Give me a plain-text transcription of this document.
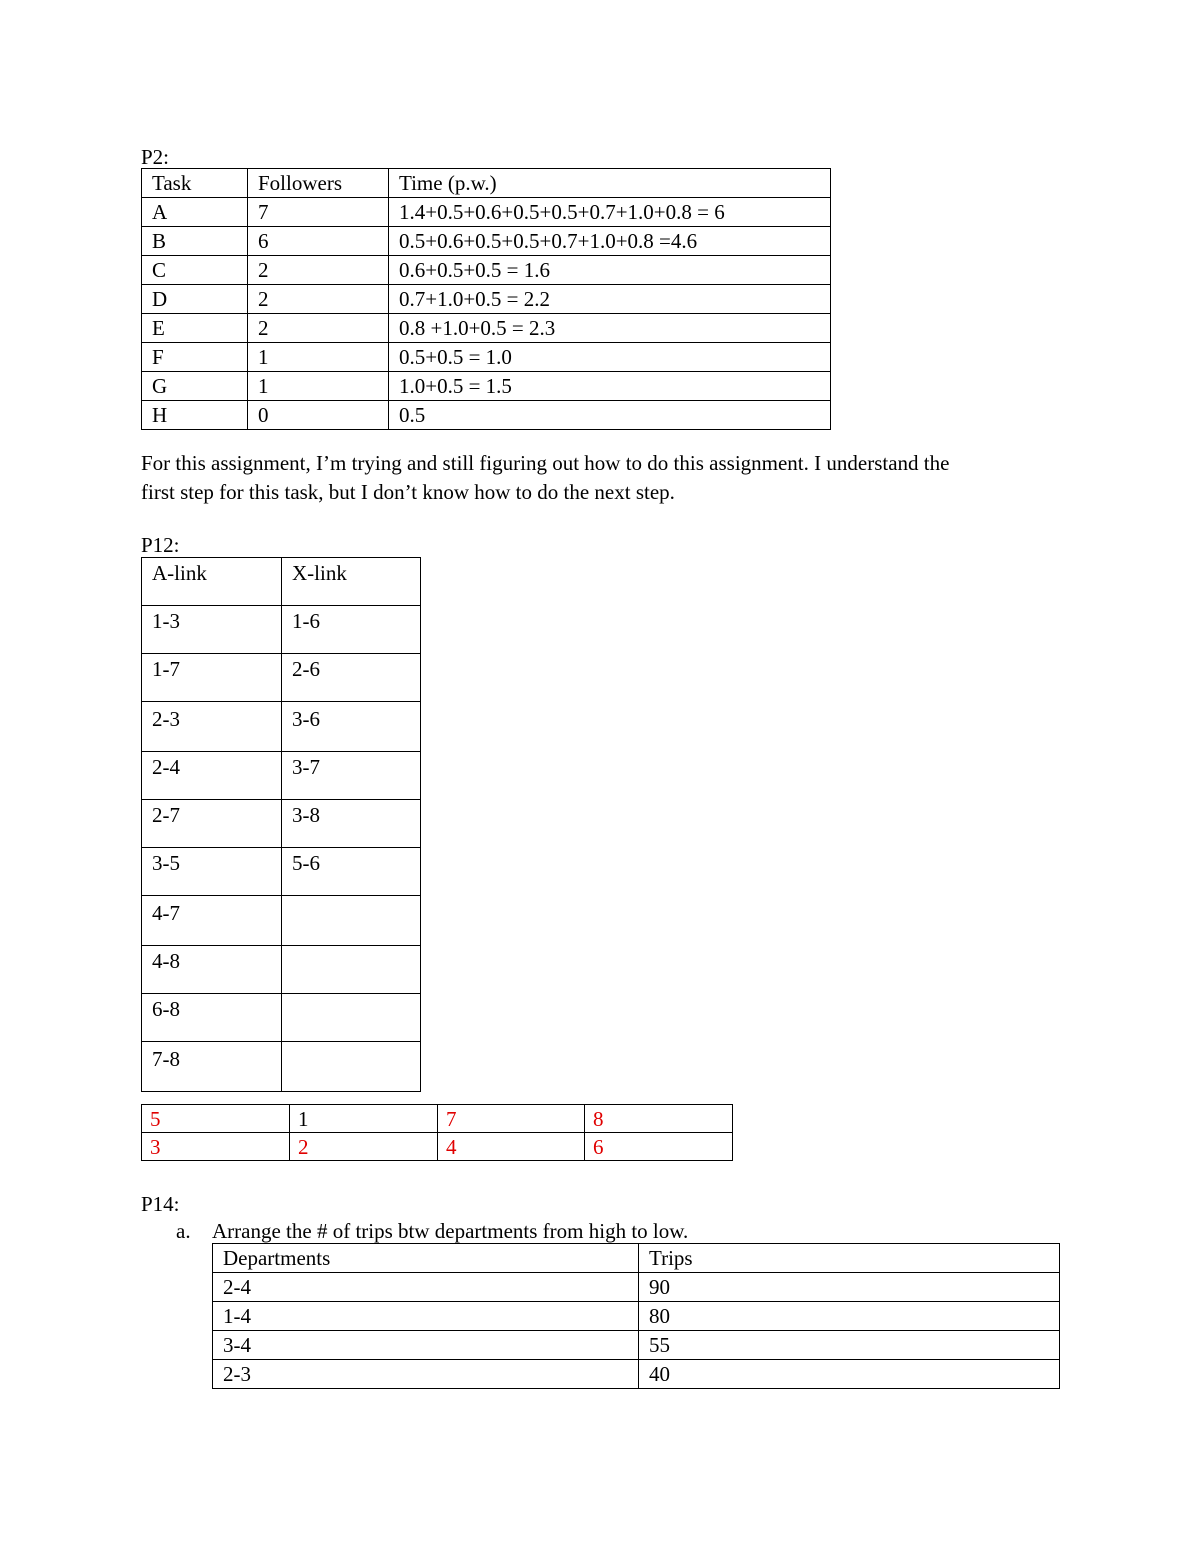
P2:
Task	Followers	Time (p.w.)
A	7	1.4+0.5+0.6+0.5+0.5+0.7+1.0+0.8 = 6
B	6	0.5+0.6+0.5+0.5+0.7+1.0+0.8 =4.6
C	2	0.6+0.5+0.5 = 1.6
D	2	0.7+1.0+0.5 = 2.2
E	2	0.8 +1.0+0.5 = 2.3
F	1	0.5+0.5 = 1.0
G	1	1.0+0.5 = 1.5
H	0	0.5
For this assignment, I’m trying and still figuring out how to do this assignment. I understand the
first step for this task, but I don’t know how to do the next step.
P12:
A-link	X-link
1-3	1-6
1-7	2-6
2-3	3-6
2-4	3-7
2-7	3-8
3-5	5-6
4-7	
4-8	
6-8	
7-8	
5	1	7	8
3	2	4	6
P14:
a. Arrange the # of trips btw departments from high to low.
Departments	Trips
2-4	90
1-4	80
3-4	55
2-3	40
